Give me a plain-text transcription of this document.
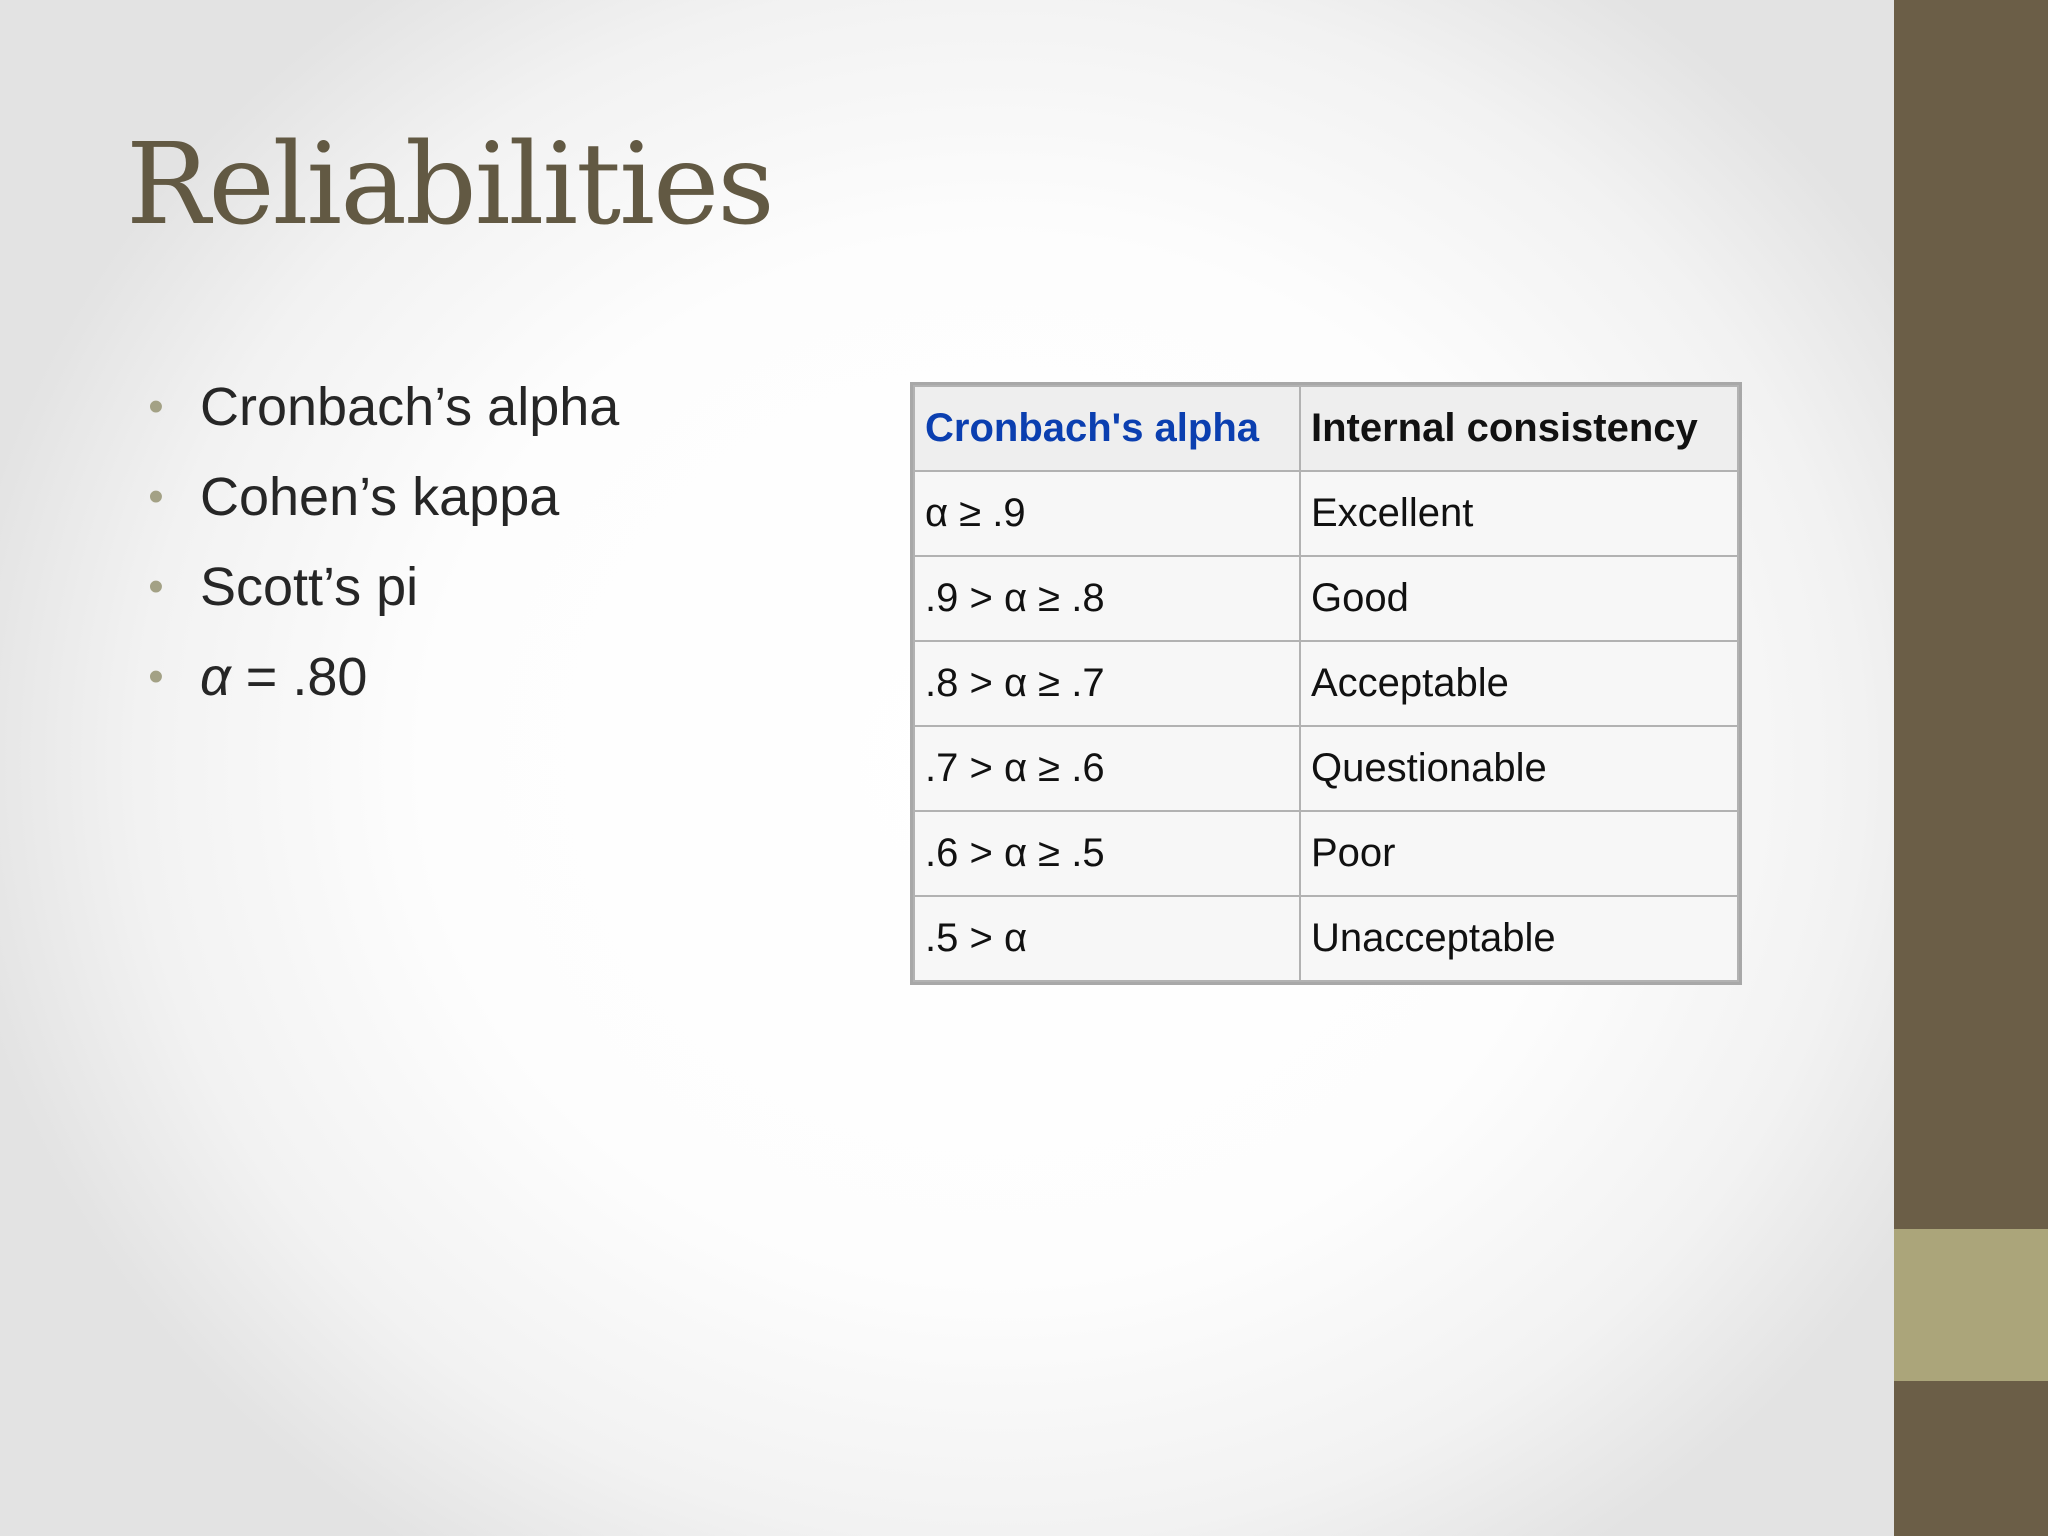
Reliabilities
• Cronbach’s alpha
• Cohen’s kappa
• Scott’s pi
• α = .80
Cronbach's alpha	Internal consistency
α ≥ .9	Excellent
.9 > α ≥ .8	Good
.8 > α ≥ .7	Acceptable
.7 > α ≥ .6	Questionable
.6 > α ≥ .5	Poor
.5 > α	Unacceptable
